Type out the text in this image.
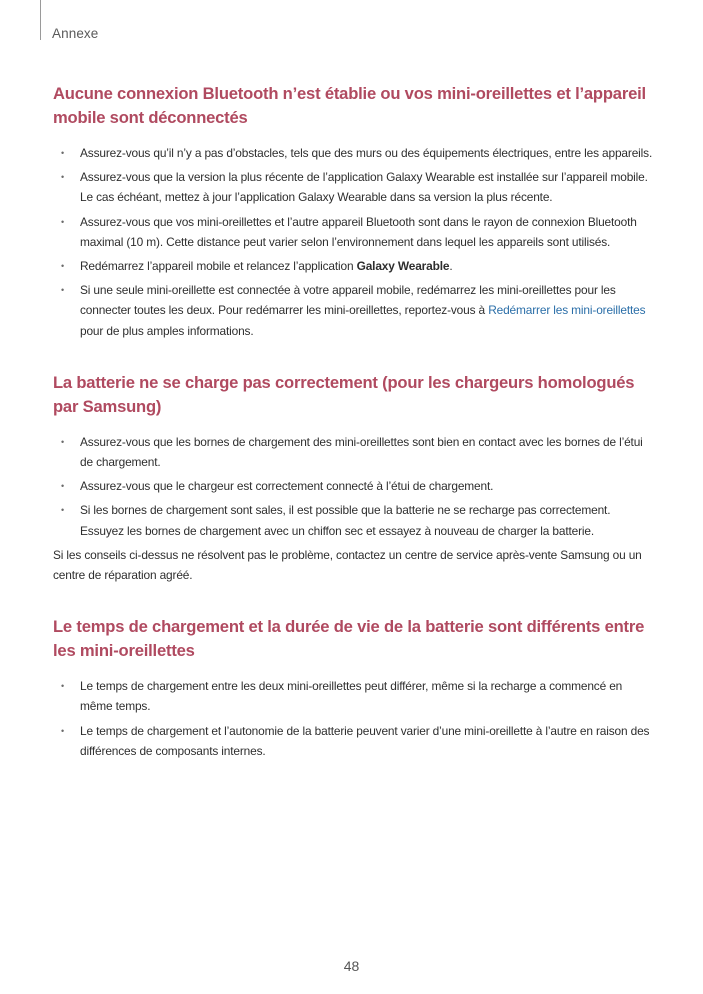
Annexe
Aucune connexion Bluetooth n’est établie ou vos mini-oreillettes et l’appareil mobile sont déconnectés
• Assurez-vous qu’il n’y a pas d’obstacles, tels que des murs ou des équipements électriques, entre les appareils.
• Assurez-vous que la version la plus récente de l’application Galaxy Wearable est installée sur l’appareil mobile. Le cas échéant, mettez à jour l’application Galaxy Wearable dans sa version la plus récente.
• Assurez-vous que vos mini-oreillettes et l’autre appareil Bluetooth sont dans le rayon de connexion Bluetooth maximal (10 m). Cette distance peut varier selon l’environnement dans lequel les appareils sont utilisés.
• Redémarrez l’appareil mobile et relancez l’application Galaxy Wearable.
• Si une seule mini-oreillette est connectée à votre appareil mobile, redémarrez les mini-oreillettes pour les connecter toutes les deux. Pour redémarrer les mini-oreillettes, reportez-vous à Redémarrer les mini-oreillettes pour de plus amples informations.
La batterie ne se charge pas correctement (pour les chargeurs homologués par Samsung)
• Assurez-vous que les bornes de chargement des mini-oreillettes sont bien en contact avec les bornes de l’étui de chargement.
• Assurez-vous que le chargeur est correctement connecté à l’étui de chargement.
• Si les bornes de chargement sont sales, il est possible que la batterie ne se recharge pas correctement. Essuyez les bornes de chargement avec un chiffon sec et essayez à nouveau de charger la batterie.

Si les conseils ci-dessus ne résolvent pas le problème, contactez un centre de service après-vente Samsung ou un centre de réparation agréé.

Le temps de chargement et la durée de vie de la batterie sont différents entre les mini-oreillettes
• Le temps de chargement entre les deux mini-oreillettes peut différer, même si la recharge a commencé en même temps.
• Le temps de chargement et l’autonomie de la batterie peuvent varier d’une mini-oreillette à l’autre en raison des différences de composants internes.
48
